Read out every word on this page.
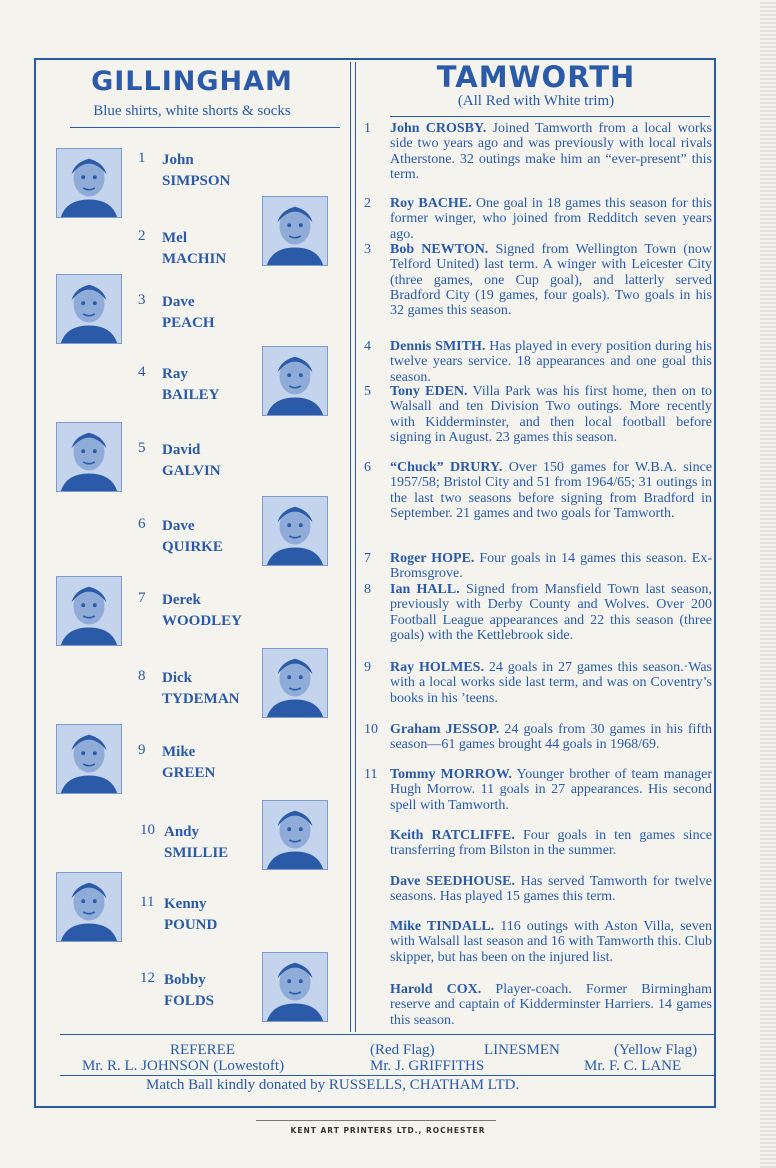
GILLINGHAM
Blue shirts, white shorts & socks
1 John
SIMPSON
2 Mel
MACHIN
3 Dave
PEACH
4 Ray
BAILEY
5 David
GALVIN
6 Dave
QUIRKE
7 Derek
WOODLEY
8 Dick
TYDEMAN
9 Mike
GREEN
10 Andy
SMILLIE
11 Kenny
POUND
12 Bobby
FOLDS
TAMWORTH
(All Red with White trim)
1	John CROSBY. Joined Tamworth from a local works side two years ago and was previously with local rivals Atherstone. 32 outings make him an “ever-present” this term.
2	Roy BACHE. One goal in 18 games this season for this former winger, who joined from Redditch seven years ago.
3	Bob NEWTON. Signed from Wellington Town (now Telford United) last term. A winger with Leicester City (three games, one Cup goal), and latterly served Bradford City (19 games, four goals). Two goals in his 32 games this season.
4	Dennis SMITH. Has played in every position during his twelve years service. 18 appearances and one goal this season.
5	Tony EDEN. Villa Park was his first home, then on to Walsall and ten Division Two outings. More recently with Kidderminster, and then local football before signing in August. 23 games this season.
6	“Chuck” DRURY. Over 150 games for W.B.A. since 1957/58; Bristol City and 51 from 1964/65; 31 outings in the last two seasons before signing from Bradford in September. 21 games and two goals for Tamworth.
7	Roger HOPE. Four goals in 14 games this season. Ex-Bromsgrove.
8	Ian HALL. Signed from Mansfield Town last season, previously with Derby County and Wolves. Over 200 Football League appearances and 22 this season (three goals) with the Kettlebrook side.
9	Ray HOLMES. 24 goals in 27 games this season.·Was with a local works side last term, and was on Coventry’s books in his ’teens.
10 Graham JESSOP. 24 goals from 30 games in his fifth season—61 games brought 44 goals in 1968/69.
11 Tommy MORROW. Younger brother of team manager Hugh Morrow. 11 goals in 27 appearances. His second spell with Tamworth.
Keith RATCLIFFE. Four goals in ten games since transferring from Bilston in the summer.
Dave SEEDHOUSE. Has served Tamworth for twelve seasons. Has played 15 games this term.
Mike TINDALL. 116 outings with Aston Villa, seven with Walsall last season and 16 with Tamworth this. Club skipper, but has been on the injured list.
Harold COX. Player-coach. Former Birmingham reserve and captain of Kidderminster Harriers. 14 games this season.
REFEREE
Mr. R. L. JOHNSON (Lowestoft)
(Red Flag)	LINESMEN	(Yellow Flag)
Mr. J. GRIFFITHS	Mr. F. C. LANE
Match Ball kindly donated by RUSSELLS, CHATHAM LTD.
KENT ART PRINTERS LTD., ROCHESTER
